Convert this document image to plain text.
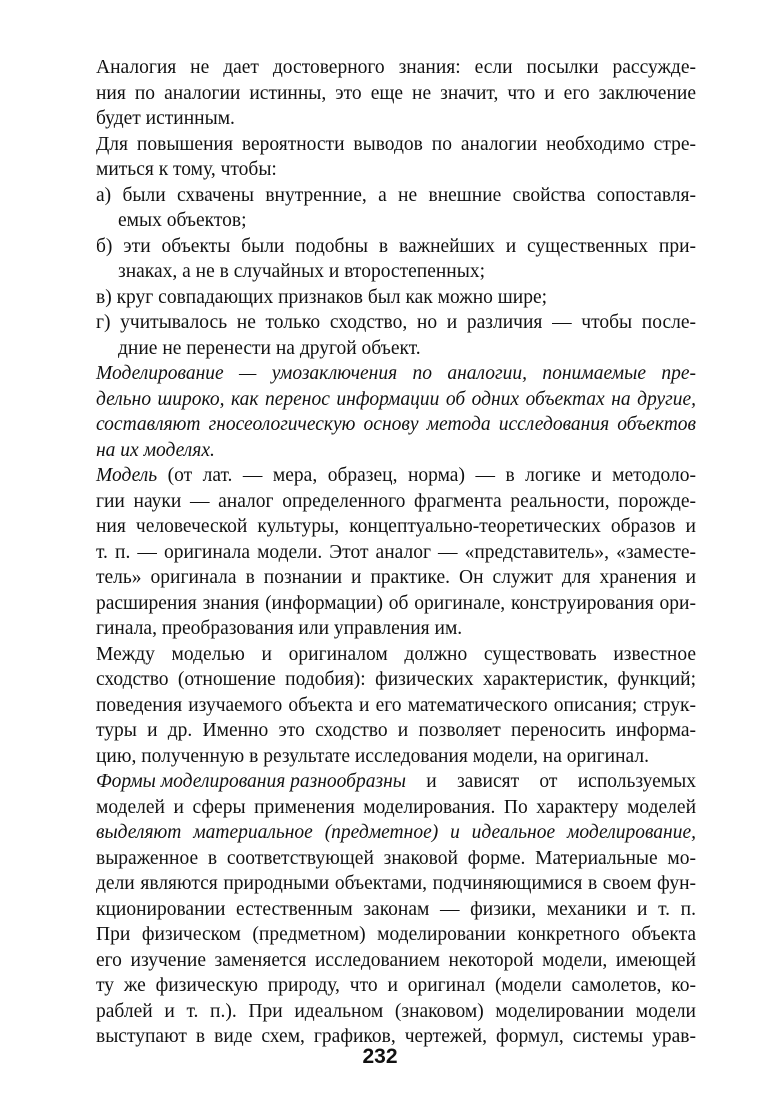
Аналогия не дает достоверного знания: если посылки рассужде-
ния по аналогии истинны, это еще не значит, что и его заключение
будет истинным.
Для повышения вероятности выводов по аналогии необходимо стре-
миться к тому, чтобы:
а) были схвачены внутренние, а не внешние свойства сопоставля-
емых объектов;
б) эти объекты были подобны в важнейших и существенных при-
знаках, а не в случайных и второстепенных;
в) круг совпадающих признаков был как можно шире;
г) учитывалось не только сходство, но и различия — чтобы после-
дние не перенести на другой объект.
Моделирование — умозаключения по аналогии, понимаемые пре-
дельно широко, как перенос информации об одних объектах на другие,
составляют гносеологическую основу метода исследования объектов
на их моделях.
Модель (от лат. — мера, образец, норма) — в логике и методоло-
гии науки — аналог определенного фрагмента реальности, порожде-
ния человеческой культуры, концептуально-теоретических образов и
т. п. — оригинала модели. Этот аналог — «представитель», «заместе-
тель» оригинала в познании и практике. Он служит для хранения и
расширения знания (информации) об оригинале, конструирования ори-
гинала, преобразования или управления им.
Между моделью и оригиналом должно существовать известное
сходство (отношение подобия): физических характеристик, функций;
поведения изучаемого объекта и его математического описания; струк-
туры и др. Именно это сходство и позволяет переносить информа-
цию, полученную в результате исследования модели, на оригинал.
Формы моделирования разнообразны и зависят от используемых
моделей и сферы применения моделирования. По характеру моделей
выделяют материальное (предметное) и идеальное моделирование,
выраженное в соответствующей знаковой форме. Материальные мо-
дели являются природными объектами, подчиняющимися в своем фун-
кционировании естественным законам — физики, механики и т. п.
При физическом (предметном) моделировании конкретного объекта
его изучение заменяется исследованием некоторой модели, имеющей
ту же физическую природу, что и оригинал (модели самолетов, ко-
раблей и т. п.). При идеальном (знаковом) моделировании модели
выступают в виде схем, графиков, чертежей, формул, системы урав-
232
